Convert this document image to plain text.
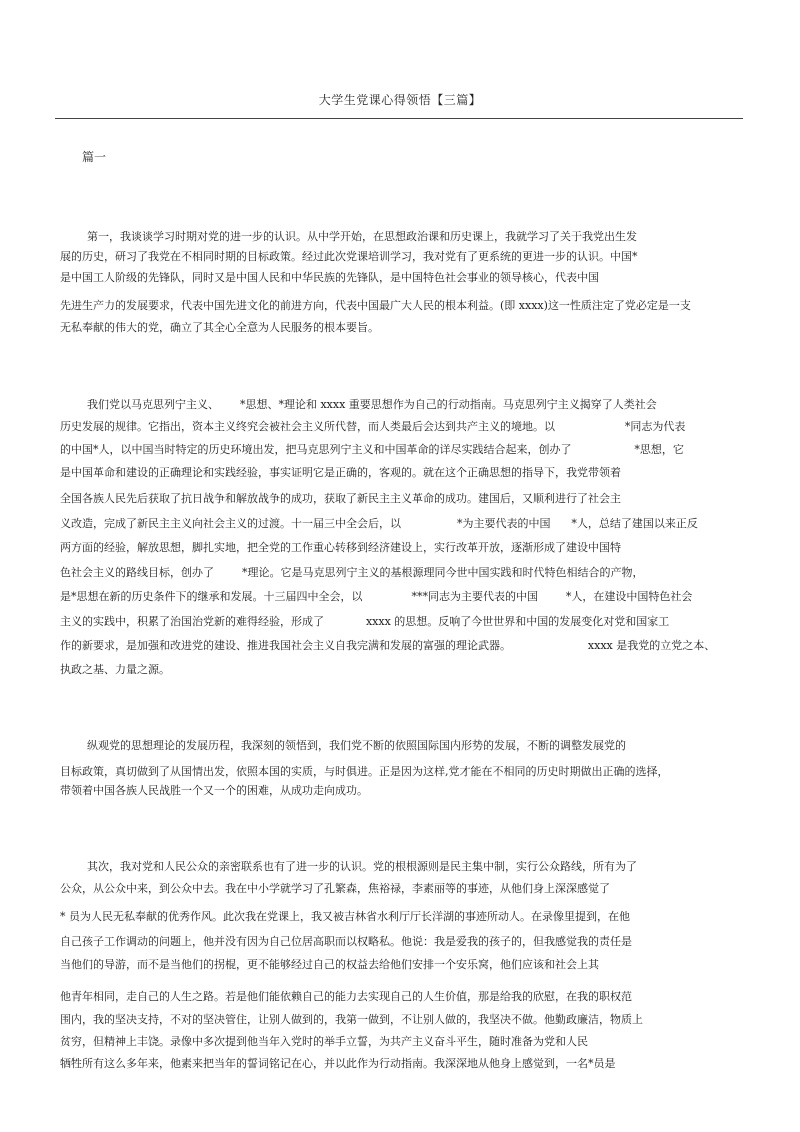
大学生党课心得领悟【三篇】
篇一
第一，我谈谈学习时期对党的进一步的认识。从中学开始，在思想政治课和历史课上，我就学习了关于我党出生发
展的历史，研习了我党在不相同时期的目标政策。经过此次党课培训学习，我对党有了更系统的更进一步的认识。中国*
是中国工人阶级的先锋队，同时又是中国人民和中华民族的先锋队，是中国特色社会事业的领导核心，代表中国
先进生产力的发展要求，代表中国先进文化的前进方向，代表中国最广大人民的根本利益。(即 xxxx)这一性质注定了党必定是一支
无私奉献的伟大的党，确立了其全心全意为人民服务的根本要旨。
我们党以马克思列宁主义、      *思想、*理论和 xxxx 重要思想作为自己的行动指南。马克思列宁主义揭穿了人类社会
历史发展的规律。它指出，资本主义终究会被社会主义所代替，而人类最后会达到共产主义的境地。以                    *同志为代表
的中国*人，以中国当时特定的历史环境出发，把马克思列宁主义和中国革命的详尽实践结合起来，创办了                  *思想，它
是中国革命和建设的正确理论和实践经验，事实证明它是正确的，客观的。就在这个正确思想的指导下，我党带领着
全国各族人民先后获取了抗日战争和解放战争的成功，获取了新民主主义革命的成功。建国后，又顺利进行了社会主
义改造，完成了新民主主义向社会主义的过渡。十一届三中全会后，以                *为主要代表的中国      *人，总结了建国以来正反
两方面的经验，解放思想，脚扎实地，把全党的工作重心转移到经济建设上，实行改革开放，逐渐形成了建设中国特
色社会主义的路线目标，创办了        *理论。它是马克思列宁主义的基根源理同今世中国实践和时代特色相结合的产物，
是*思想在新的历史条件下的继承和发展。十三届四中全会，以              ***同志为主要代表的中国        *人，在建设中国特色社会
主义的实践中，积累了治国治党新的难得经验，形成了            xxxx 的思想。反响了今世世界和中国的发展变化对党和国家工
作的新要求，是加强和改进党的建设、推进我国社会主义自我完满和发展的富强的理论武器。                      xxxx 是我党的立党之本、
执政之基、力量之源。
纵观党的思想理论的发展历程，我深刻的领悟到，我们党不断的依照国际国内形势的发展，不断的调整发展党的
目标政策，真切做到了从国情出发，依照本国的实质，与时俱进。正是因为这样,党才能在不相同的历史时期做出正确的选择，
带领着中国各族人民战胜一个又一个的困难，从成功走向成功。
其次，我对党和人民公众的亲密联系也有了进一步的认识。党的根根源则是民主集中制，实行公众路线，所有为了
公众，从公众中来，到公众中去。我在中小学就学习了孔繁森，焦裕禄，李素丽等的事迹，从他们身上深深感觉了
* 员为人民无私奉献的优秀作风。此次我在党课上，我又被吉林省水利厅厅长洋湖的事迹所动人。在录像里提到，在他
自己孩子工作调动的问题上，他并没有因为自己位居高职而以权略私。他说：我是爱我的孩子的，但我感觉我的责任是
当他们的导游，而不是当他们的拐棍，更不能够经过自己的权益去给他们安排一个安乐窝，他们应该和社会上其
他青年相同，走自己的人生之路。若是他们能依赖自己的能力去实现自己的人生价值，那是给我的欣慰，在我的职权范
围内，我的坚决支持，不对的坚决管住，让别人做到的，我第一做到，不让别人做的，我坚决不做。他勤政廉洁，物质上
贫穷，但精神上丰饶。录像中多次提到他当年入党时的举手立誓，为共产主义奋斗平生，随时准备为党和人民
牺牲所有这么多年来，他素来把当年的誓词铭记在心，并以此作为行动指南。我深深地从他身上感觉到，一名*员是
